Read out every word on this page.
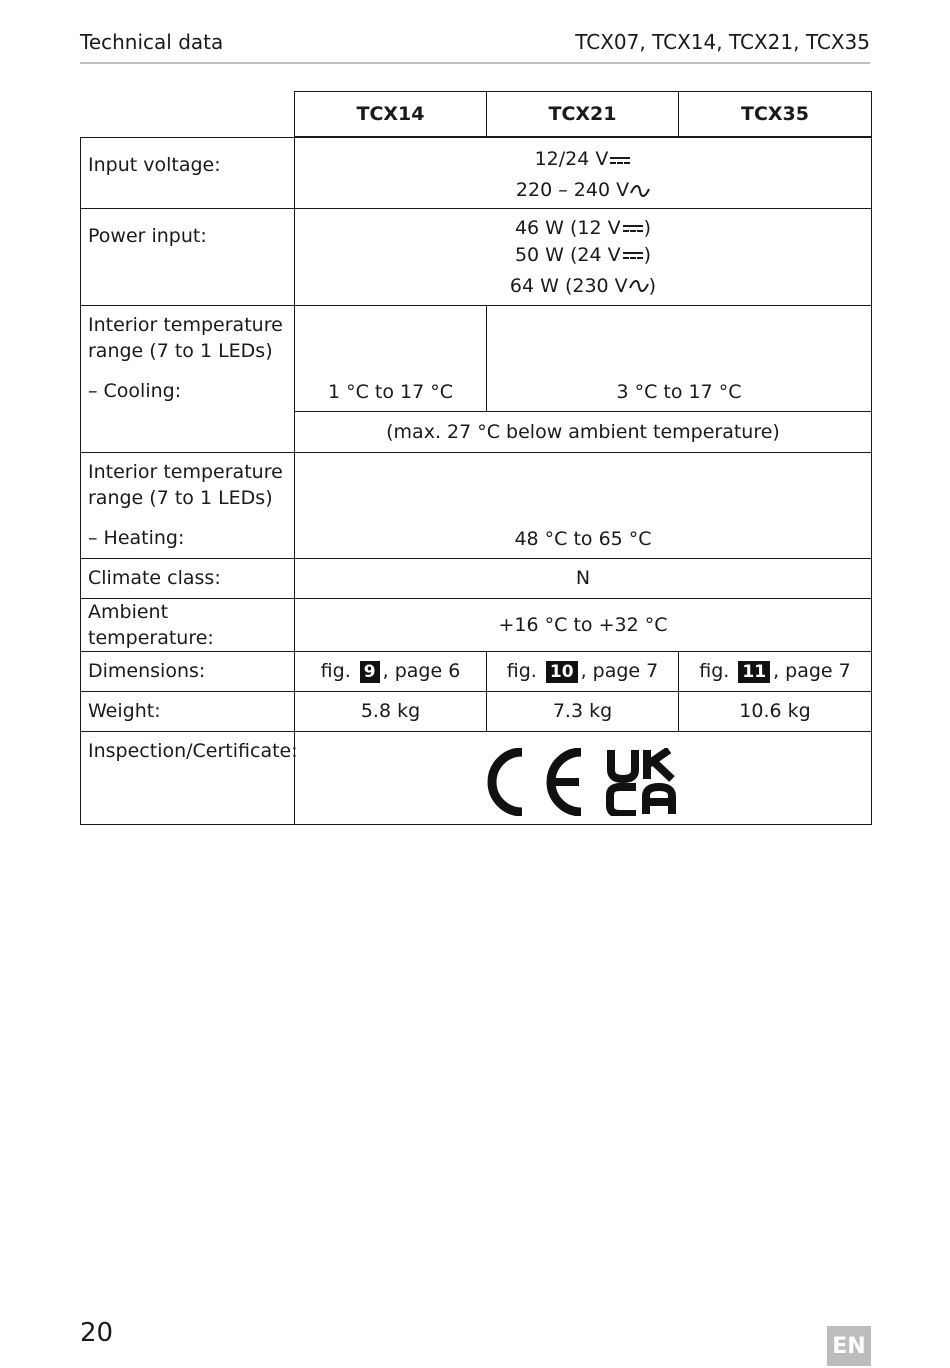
Technical data	TCX07, TCX14, TCX21, TCX35
	TCX14	TCX21	TCX35
Input voltage:	12/24 V
220 – 240 V		

Power input:	46 W (12 V )
50 W (24 V )
64 W (230 V )		

Interior temperature
range (7 to 1 LEDs)
– Cooling:	1 °C to 17 °C	3 °C to 17 °C	
	(max. 27 °C below ambient temperature)		

Interior temperature
range (7 to 1 LEDs)
– Heating:	48 °C to 65 °C		
Climate class:	N		
Ambient temperature:	+16 °C to +32 °C		
Dimensions:	fig. 9 , page 6	fig. 10 , page 7	fig. 11 , page 7
Weight:	5.8 kg	7.3 kg	10.6 kg
Inspection/Certificate:	
20	EN
